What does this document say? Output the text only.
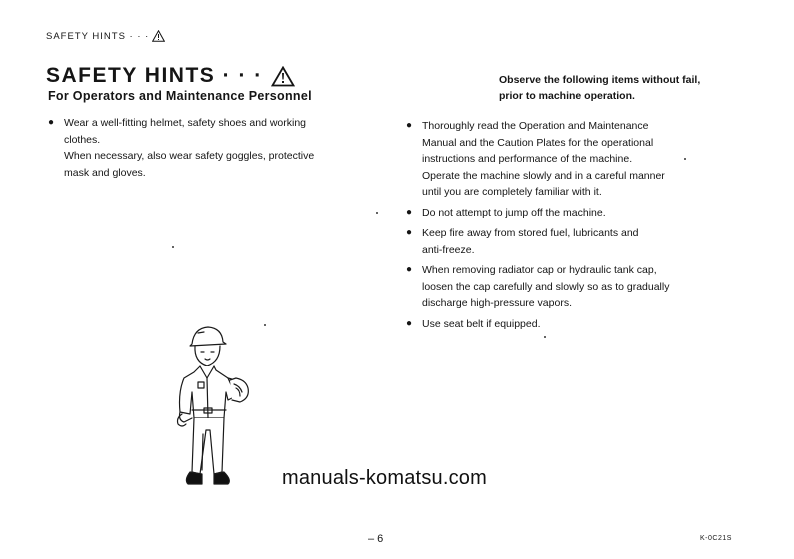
SAFETY HINTS · · ·
SAFETY HINTS · · ·
For Operators and Maintenance Personnel
Observe the following items without fail,
prior to machine operation.
● Wear a well-fitting helmet, safety shoes and working
clothes.
When necessary, also wear safety goggles, protective
mask and gloves.
● Thoroughly read the Operation and Maintenance
Manual and the Caution Plates for the operational
instructions and performance of the machine.
Operate the machine slowly and in a careful manner
until you are completely familiar with it.
● Do not attempt to jump off the machine.
● Keep fire away from stored fuel, lubricants and
anti-freeze.
● When removing radiator cap or hydraulic tank cap,
loosen the cap carefully and slowly so as to gradually
discharge high-pressure vapors.
● Use seat belt if equipped.
manuals-komatsu.com
– 6	K-0C21S
